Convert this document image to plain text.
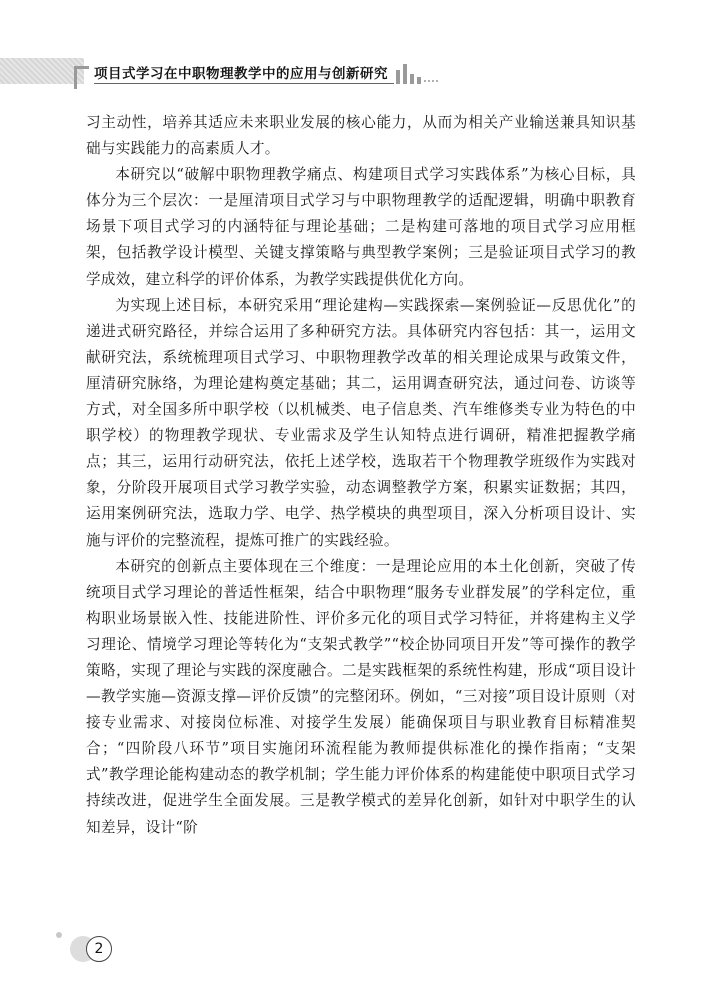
项目式学习在中职物理教学中的应用与创新研究

习主动性，培养其适应未来职业发展的核心能力，从而为相关产业输送兼具知识基础与实践能力的高素质人才。

本研究以“破解中职物理教学痛点、构建项目式学习实践体系”为核心目标，具体分为三个层次：一是厘清项目式学习与中职物理教学的适配逻辑，明确中职教育场景下项目式学习的内涵特征与理论基础；二是构建可落地的项目式学习应用框架，包括教学设计模型、关键支撑策略与典型教学案例；三是验证项目式学习的教学成效，建立科学的评价体系，为教学实践提供优化方向。

为实现上述目标，本研究采用“理论建构—实践探索—案例验证—反思优化”的递进式研究路径，并综合运用了多种研究方法。具体研究内容包括：其一，运用文献研究法，系统梳理项目式学习、中职物理教学改革的相关理论成果与政策文件，厘清研究脉络，为理论建构奠定基础；其二，运用调查研究法，通过问卷、访谈等方式，对全国多所中职学校（以机械类、电子信息类、汽车维修类专业为特色的中职学校）的物理教学现状、专业需求及学生认知特点进行调研，精准把握教学痛点；其三，运用行动研究法，依托上述学校，选取若干个物理教学班级作为实践对象，分阶段开展项目式学习教学实验，动态调整教学方案，积累实证数据；其四，运用案例研究法，选取力学、电学、热学模块的典型项目，深入分析项目设计、实施与评价的完整流程，提炼可推广的实践经验。

本研究的创新点主要体现在三个维度：一是理论应用的本土化创新，突破了传统项目式学习理论的普适性框架，结合中职物理“服务专业群发展”的学科定位，重构职业场景嵌入性、技能进阶性、评价多元化的项目式学习特征，并将建构主义学习理论、情境学习理论等转化为“支架式教学”“校企协同项目开发”等可操作的教学策略，实现了理论与实践的深度融合。二是实践框架的系统性构建，形成“项目设计—教学实施—资源支撑—评价反馈”的完整闭环。例如，“三对接”项目设计原则（对接专业需求、对接岗位标准、对接学生发展）能确保项目与职业教育目标精准契合；“四阶段八环节”项目实施闭环流程能为教师提供标准化的操作指南；“支架式”教学理论能构建动态的教学机制；学生能力评价体系的构建能使中职项目式学习持续改进，促进学生全面发展。三是教学模式的差异化创新，如针对中职学生的认知差异，设计“阶

2
